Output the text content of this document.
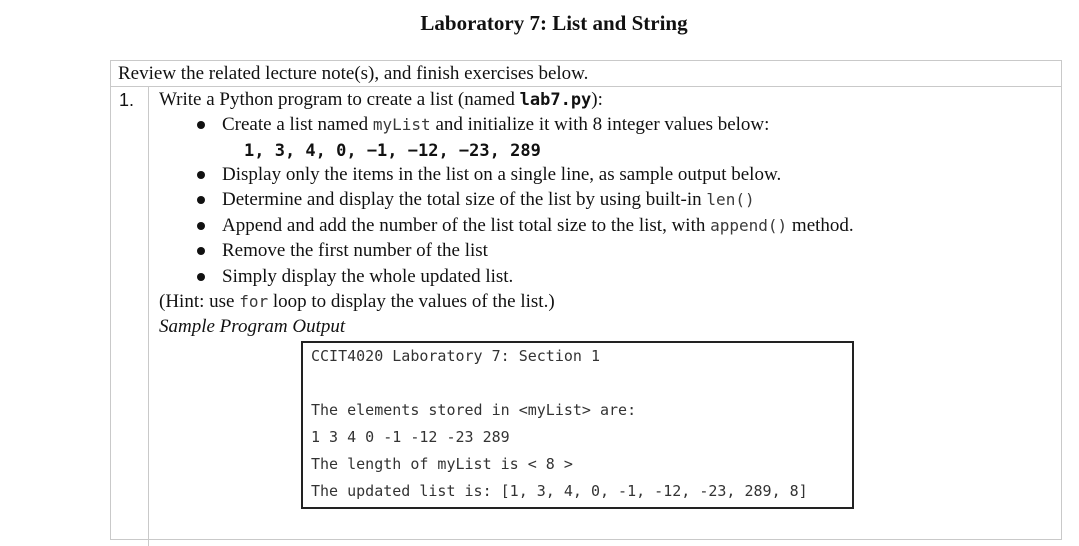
Laboratory 7: List and String
Review the related lecture note(s), and finish exercises below.
1. Write a Python program to create a list (named lab7.py):
Create a list named myList and initialize it with 8 integer values below:
1, 3, 4, 0, −1, −12, −23, 289
Display only the items in the list on a single line, as sample output below.
Determine and display the total size of the list by using built-in len()
Append and add the number of the list total size to the list, with append() method.
Remove the first number of the list
Simply display the whole updated list.
(Hint: use for loop to display the values of the list.)
Sample Program Output
CCIT4020 Laboratory 7: Section 1
The elements stored in <myList> are:
1 3 4 0 -1 -12 -23 289
The length of myList is < 8 >
The updated list is: [1, 3, 4, 0, -1, -12, -23, 289, 8]
